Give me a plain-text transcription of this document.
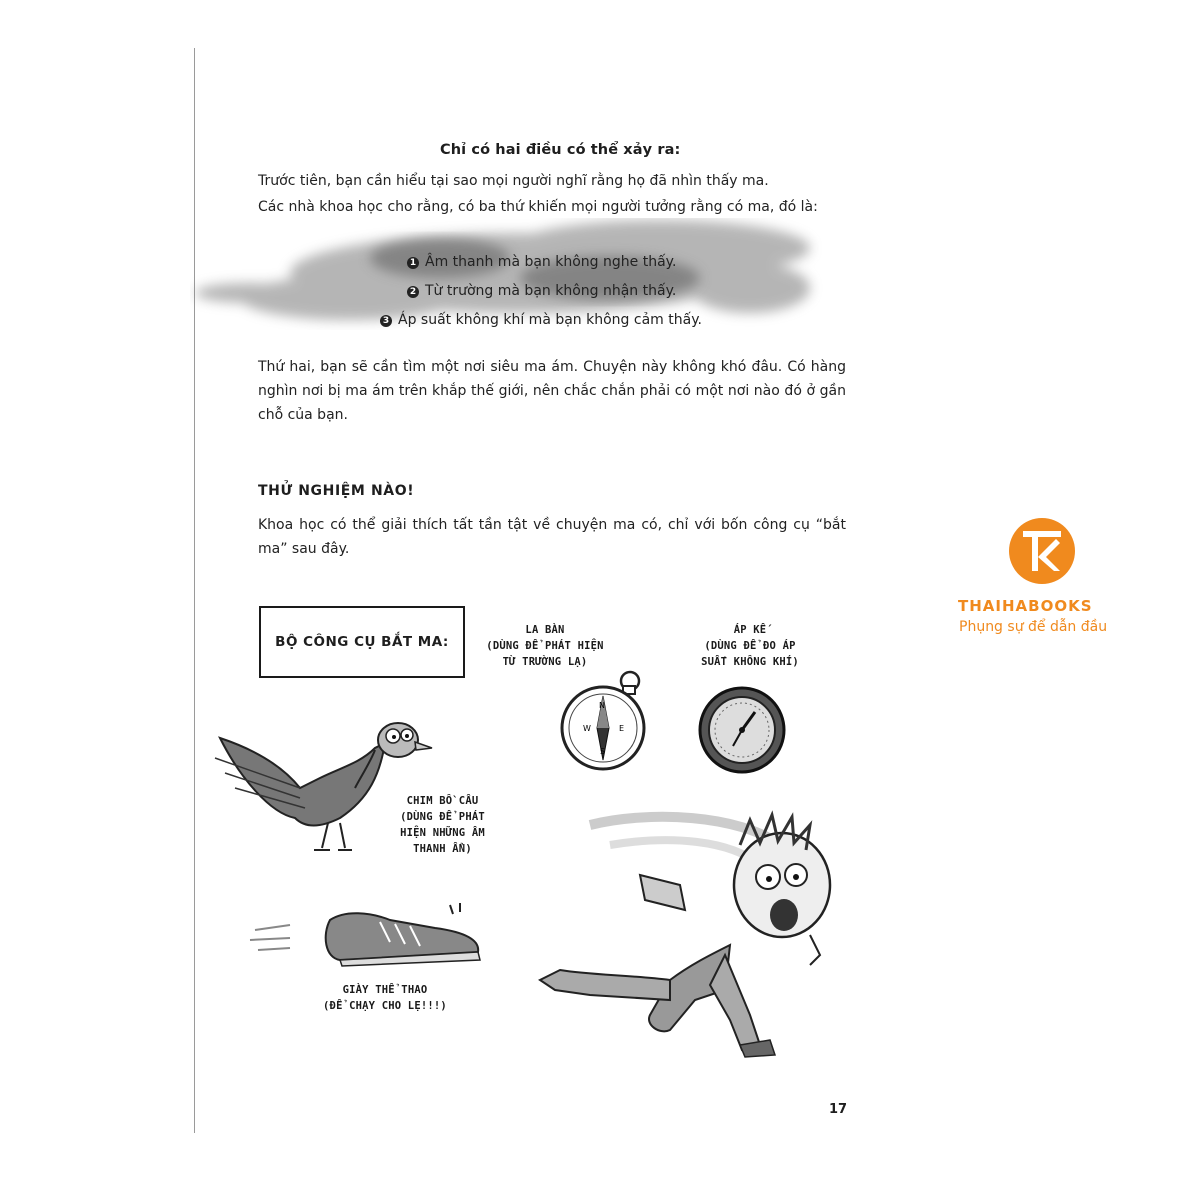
Chỉ có hai điều có thể xảy ra:
Trước tiên, bạn cần hiểu tại sao mọi người nghĩ rằng họ đã nhìn thấy ma.
Các nhà khoa học cho rằng, có ba thứ khiến mọi người tưởng rằng có ma, đó là:
1 Âm thanh mà bạn không nghe thấy.
2 Từ trường mà bạn không nhận thấy.
3 Áp suất không khí mà bạn không cảm thấy.
Thứ hai, bạn sẽ cần tìm một nơi siêu ma ám. Chuyện này không khó đâu. Có hàng nghìn nơi bị ma ám trên khắp thế giới, nên chắc chắn phải có một nơi nào đó ở gần chỗ của bạn.
THỬ NGHIỆM NÀO!
Khoa học có thể giải thích tất tần tật về chuyện ma có, chỉ với bốn công cụ “bắt ma” sau đây.
BỘ CÔNG CỤ BẮT MA:
LA BÀN
(DÙNG ĐỂ PHÁT HIỆN
TỪ TRƯỜNG LẠ)
ÁP KẾ
(DÙNG ĐỂ ĐO ÁP
SUẤT KHÔNG KHÍ)
CHIM BỒ CÂU
(DÙNG ĐỂ PHÁT
HIỆN NHỮNG ÂM
THANH ẨN)
GIÀY THỂ THAO
(ĐỂ CHẠY CHO LẸ!!!)
N
W	E
S
17
THAIHABOOKS
Phụng sự để dẫn đầu
